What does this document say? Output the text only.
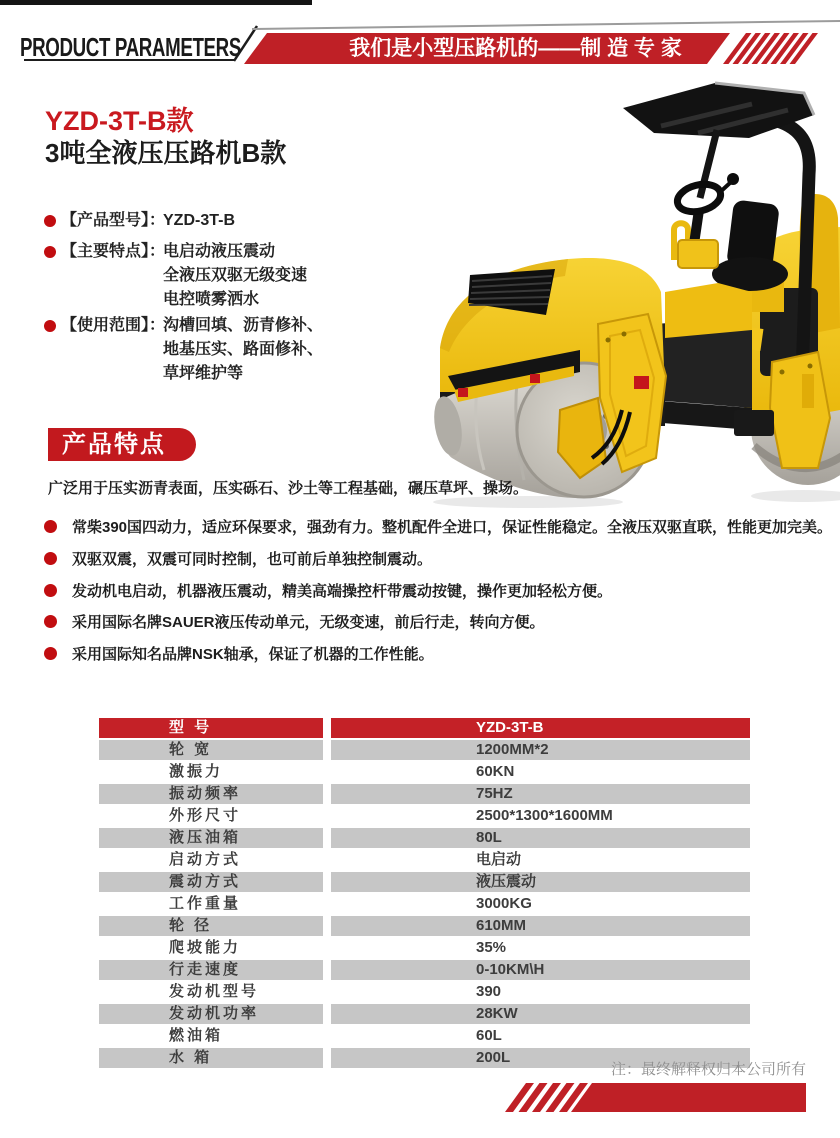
PRODUCT PARAMETERS	我们是小型压路机的——制 造 专 家
YZD-3T-B款
3吨全液压压路机B款
【产品型号】：
YZD-3T-B
【主要特点】：
电启动液压震动
全液压双驱无级变速
电控喷雾洒水
【使用范围】：
沟槽回填、沥青修补、
地基压实、路面修补、
草坪维护等
产品特点
广泛用于压实沥青表面，压实砾石、沙土等工程基础，碾压草坪、操场。
常柴390国四动力，适应环保要求，强劲有力。整机配件全进口，保证性能稳定。全液压双驱直联，性能更加完美。
双驱双震，双震可同时控制，也可前后单独控制震动。
发动机电启动，机器液压震动，精美高端操控杆带震动按键，操作更加轻松方便。
采用国际名牌SAUER液压传动单元，无级变速，前后行走，转向方便。
采用国际知名品牌NSK轴承，保证了机器的工作性能。
型 号	YZD-3T-B
轮 宽	1200MM*2
激振力	60KN
振动频率	75HZ
外形尺寸	2500*1300*1600MM
液压油箱	80L
启动方式	电启动
震动方式	液压震动
工作重量	3000KG
轮 径	610MM
爬坡能力	35%
行走速度	0-10KM\H
发动机型号	390
发动机功率	28KW
燃油箱	60L
水 箱	200L
注：最终解释权归本公司所有
